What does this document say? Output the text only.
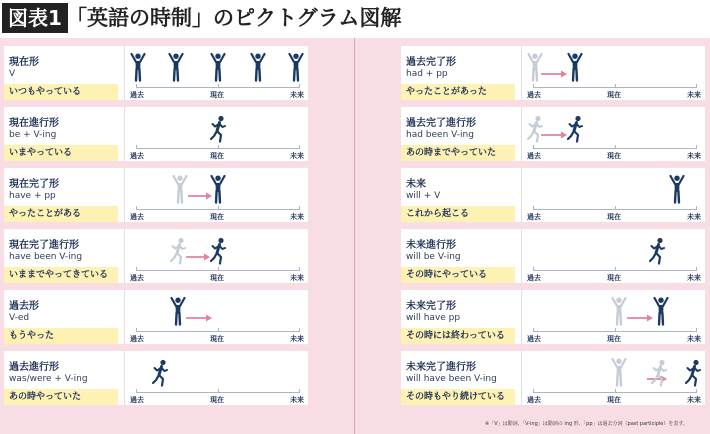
図表1 「英語の時制」のピクトグラム図解
現在形
V
いつもやっている	過去	現在	未来
現在進行形
be + V-ing
いまやっている	過去	現在	未来
現在完了形
have + pp
やったことがある	過去	現在	未来
現在完了進行形
have been V-ing
いままでやってきている	過去	現在	未来
過去形
V-ed
もうやった	過去	現在	未来
過去進行形
was/were + V-ing
あの時やっていた	過去	現在	未来
過去完了形
had + pp
やったことがあった	過去	現在	未来
過去完了進行形
had been V-ing
あの時までやっていた	過去	現在	未来
未来
will + V
これから起こる	過去	現在	未来
未来進行形
will be V-ing
その時にやっている	過去	現在	未来
未来完了形
will have pp
その時には終わっている	過去	現在	未来
未来完了進行形
will have been V-ing
その時もやり続けている	過去	現在	未来
※「V」は動詞、「V-ing」は動詞の ing 形、「pp」は過去分詞（past participle）を表す。
